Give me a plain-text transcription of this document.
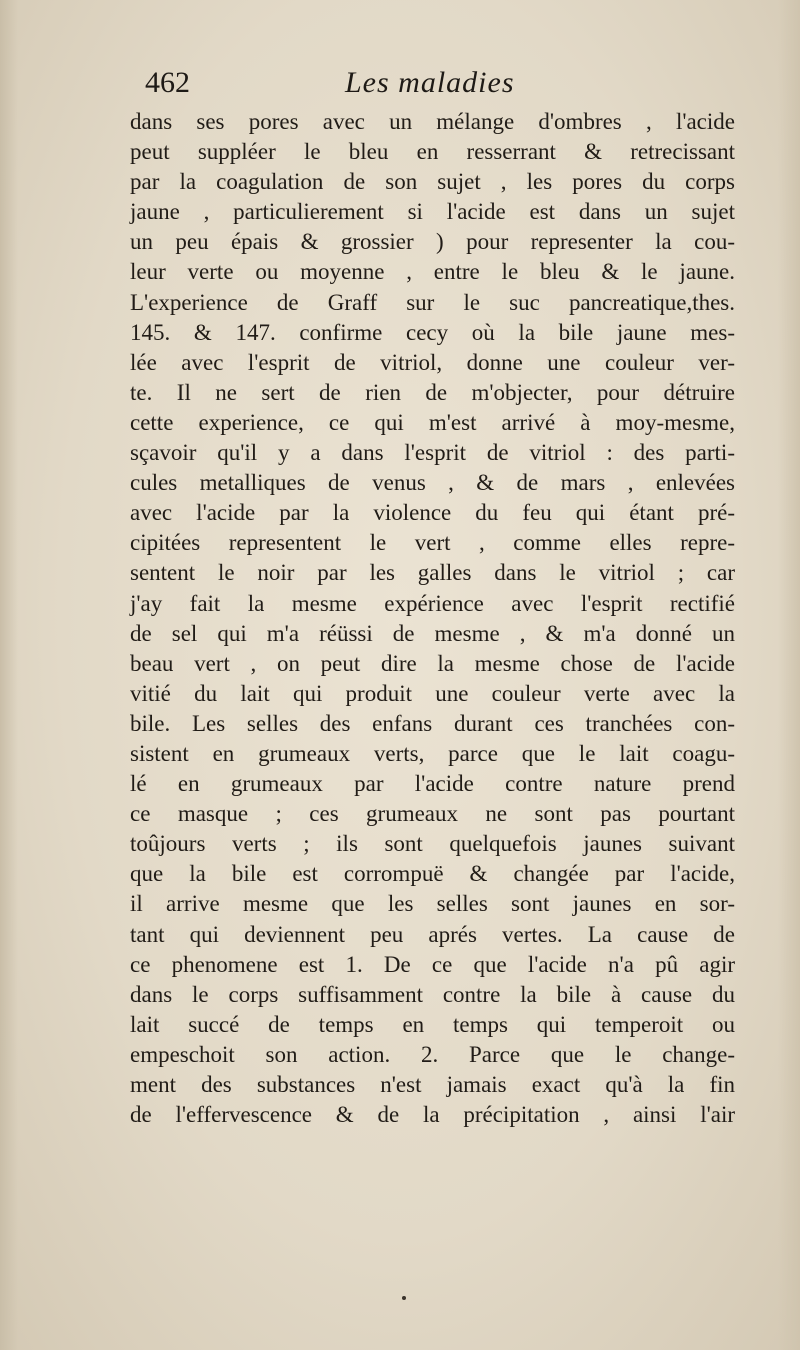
462	Les maladies
dans ses pores avec un mélange d'ombres , l'acide
peut suppléer le bleu en resserrant & retrecissant
par la coagulation de son sujet , les pores du corps
jaune , particulierement si l'acide est dans un sujet
un peu épais & grossier ) pour representer la cou-
leur verte ou moyenne , entre le bleu & le jaune.
L'experience de Graff sur le suc pancreatique,thes.
145. & 147. confirme cecy où la bile jaune mes-
lée avec l'esprit de vitriol, donne une couleur ver-
te. Il ne sert de rien de m'objecter, pour détruire
cette experience, ce qui m'est arrivé à moy-mesme,
sçavoir qu'il y a dans l'esprit de vitriol : des parti-
cules metalliques de venus , & de mars , enlevées
avec l'acide par la violence du feu qui étant pré-
cipitées representent le vert , comme elles repre-
sentent le noir par les galles dans le vitriol ; car
j'ay fait la mesme expérience avec l'esprit rectifié
de sel qui m'a réüssi de mesme , & m'a donné un
beau vert , on peut dire la mesme chose de l'acide
vitié du lait qui produit une couleur verte avec la
bile. Les selles des enfans durant ces tranchées con-
sistent en grumeaux verts, parce que le lait coagu-
lé en grumeaux par l'acide contre nature prend
ce masque ; ces grumeaux ne sont pas pourtant
toûjours verts ; ils sont quelquefois jaunes suivant
que la bile est corrompuë & changée par l'acide,
il arrive mesme que les selles sont jaunes en sor-
tant qui deviennent peu aprés vertes. La cause de
ce phenomene est 1. De ce que l'acide n'a pû agir
dans le corps suffisamment contre la bile à cause du
lait succé de temps en temps qui temperoit ou
empeschoit son action. 2. Parce que le change-
ment des substances n'est jamais exact qu'à la fin
de l'effervescence & de la précipitation , ainsi l'air
